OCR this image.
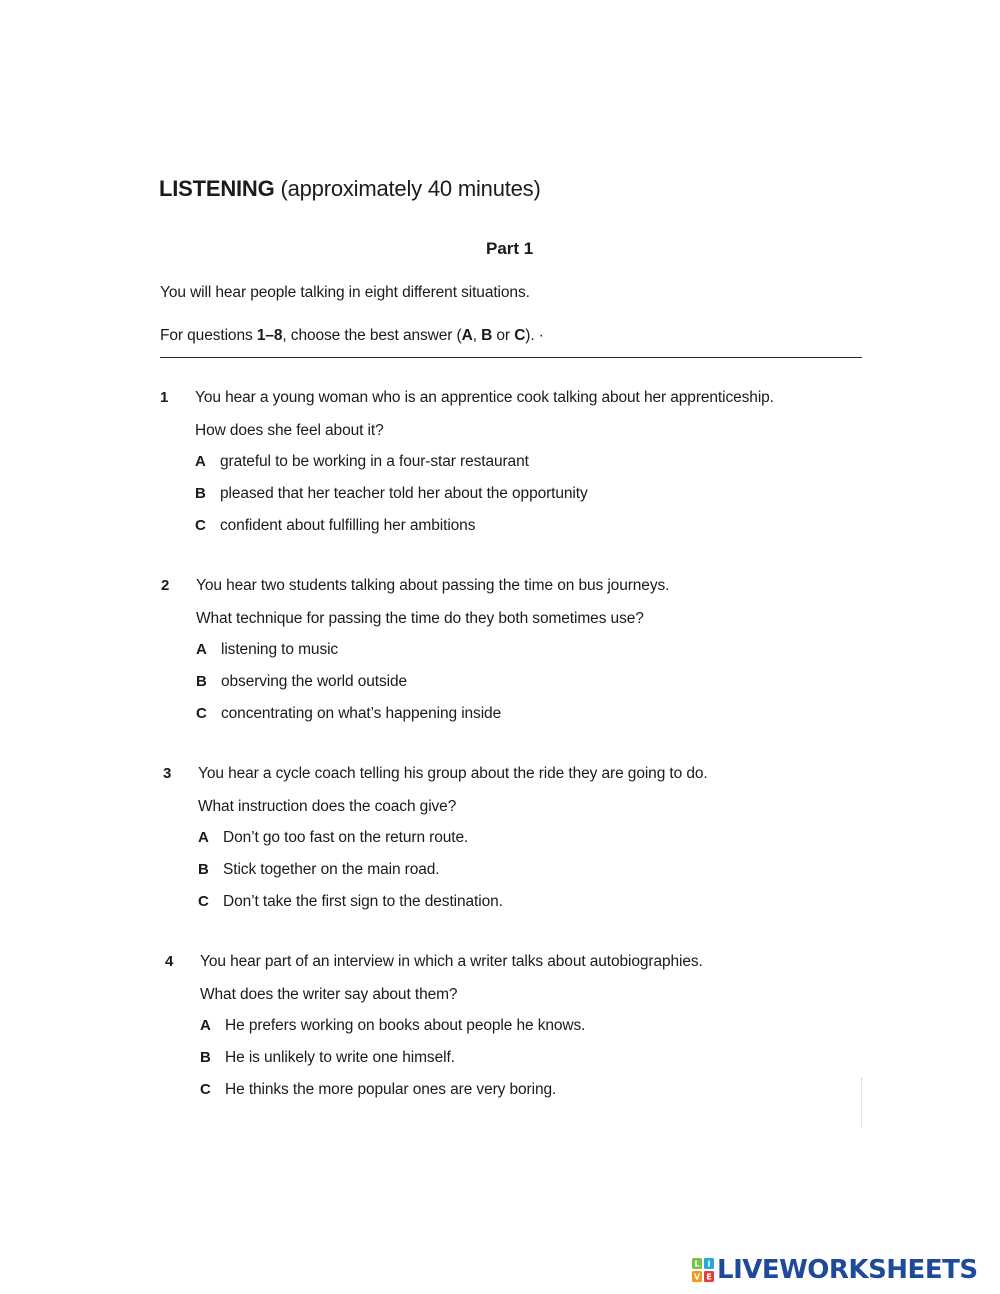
LISTENING (approximately 40 minutes)
Part 1
You will hear people talking in eight different situations.
For questions 1–8, choose the best answer (A, B or C). ·
1 You hear a young woman who is an apprentice cook talking about her apprenticeship.
How does she feel about it?
A grateful to be working in a four-star restaurant
B pleased that her teacher told her about the opportunity
C confident about fulfilling her ambitions
2 You hear two students talking about passing the time on bus journeys.
What technique for passing the time do they both sometimes use?
A listening to music
B observing the world outside
C concentrating on what’s happening inside
3 You hear a cycle coach telling his group about the ride they are going to do.
What instruction does the coach give?
A Don’t go too fast on the return route.
B Stick together on the main road.
C Don’t take the first sign to the destination.
4 You hear part of an interview in which a writer talks about autobiographies.
What does the writer say about them?
A He prefers working on books about people he knows.
B He is unlikely to write one himself.
C He thinks the more popular ones are very boring.
L I
V E LIVEWORKSHEETS
